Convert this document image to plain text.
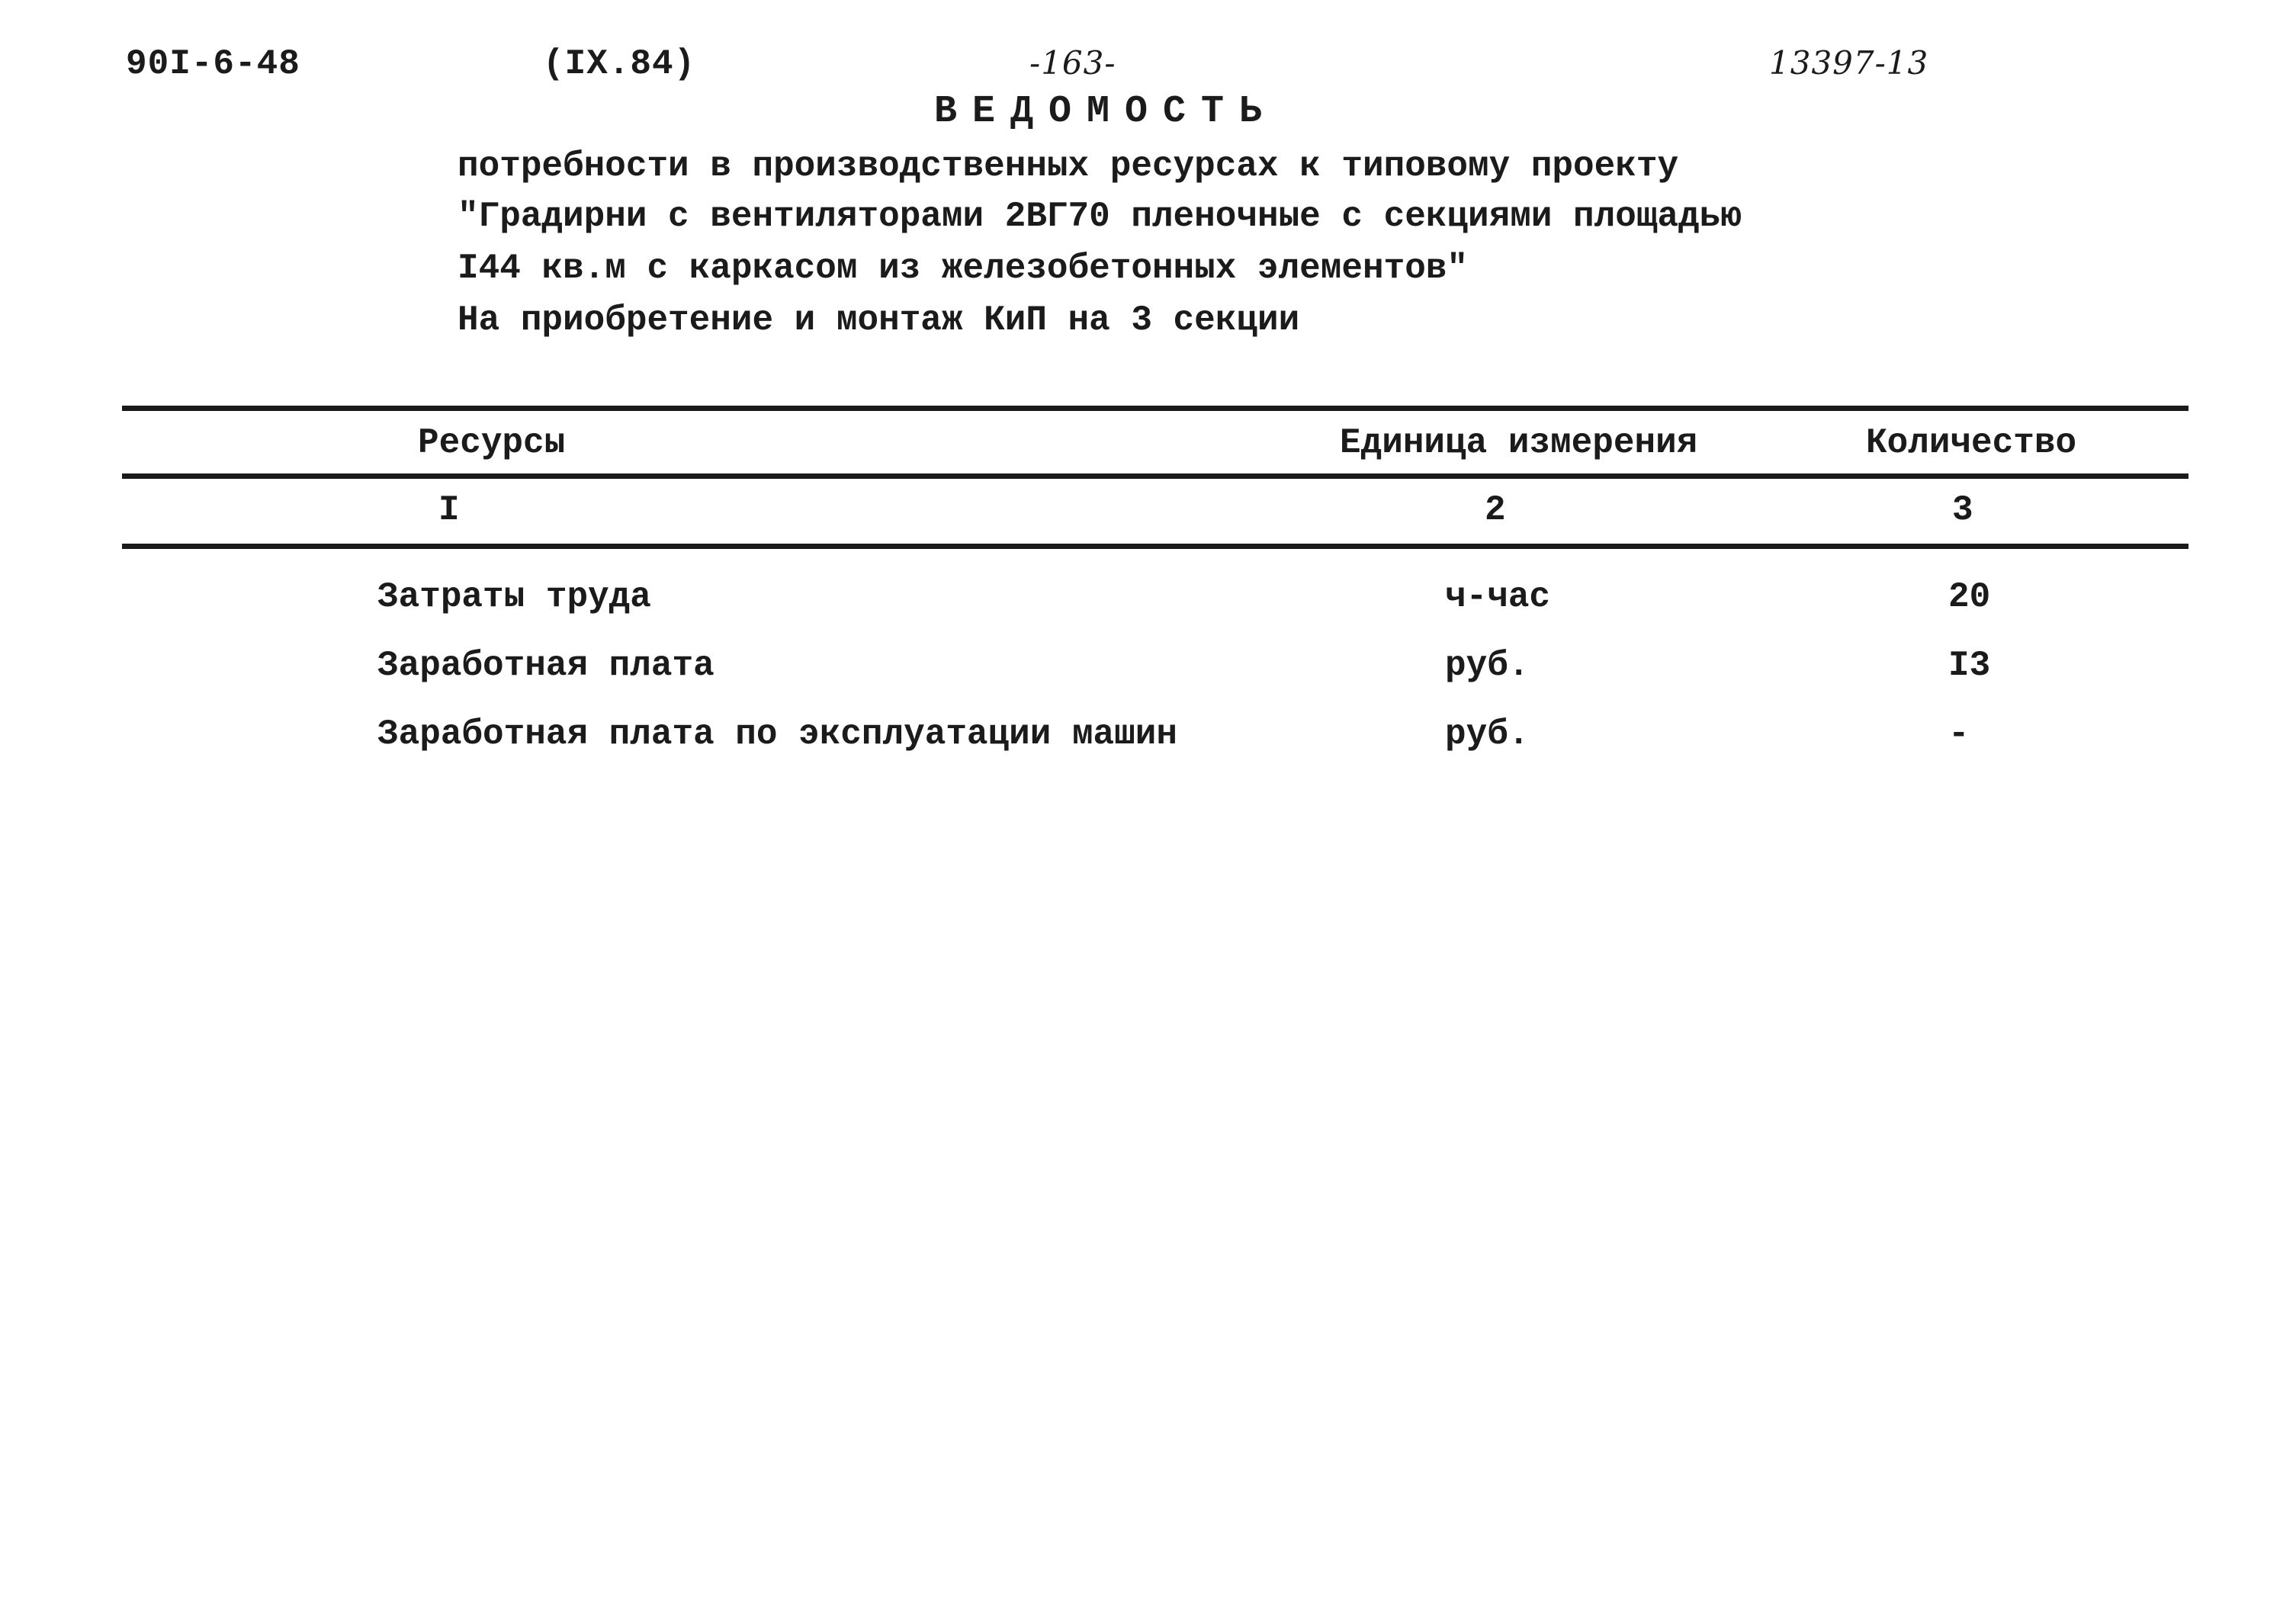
90I-6-48	(IX.84)	-163-	13397-13
ВЕДОМОСТЬ
потребности в производственных ресурсах к типовому проекту
"Градирни с вентиляторами 2ВГ70 пленочные с секциями площадью
I44 кв.м с каркасом из железобетонных элементов"
На приобретение и монтаж КиП на 3 секции
Ресурсы	Единица измерения	Количество
I	2	3
Затраты труда	ч-час	20
Заработная плата	руб.	I3
Заработная плата по эксплуатации машин	руб.	-
